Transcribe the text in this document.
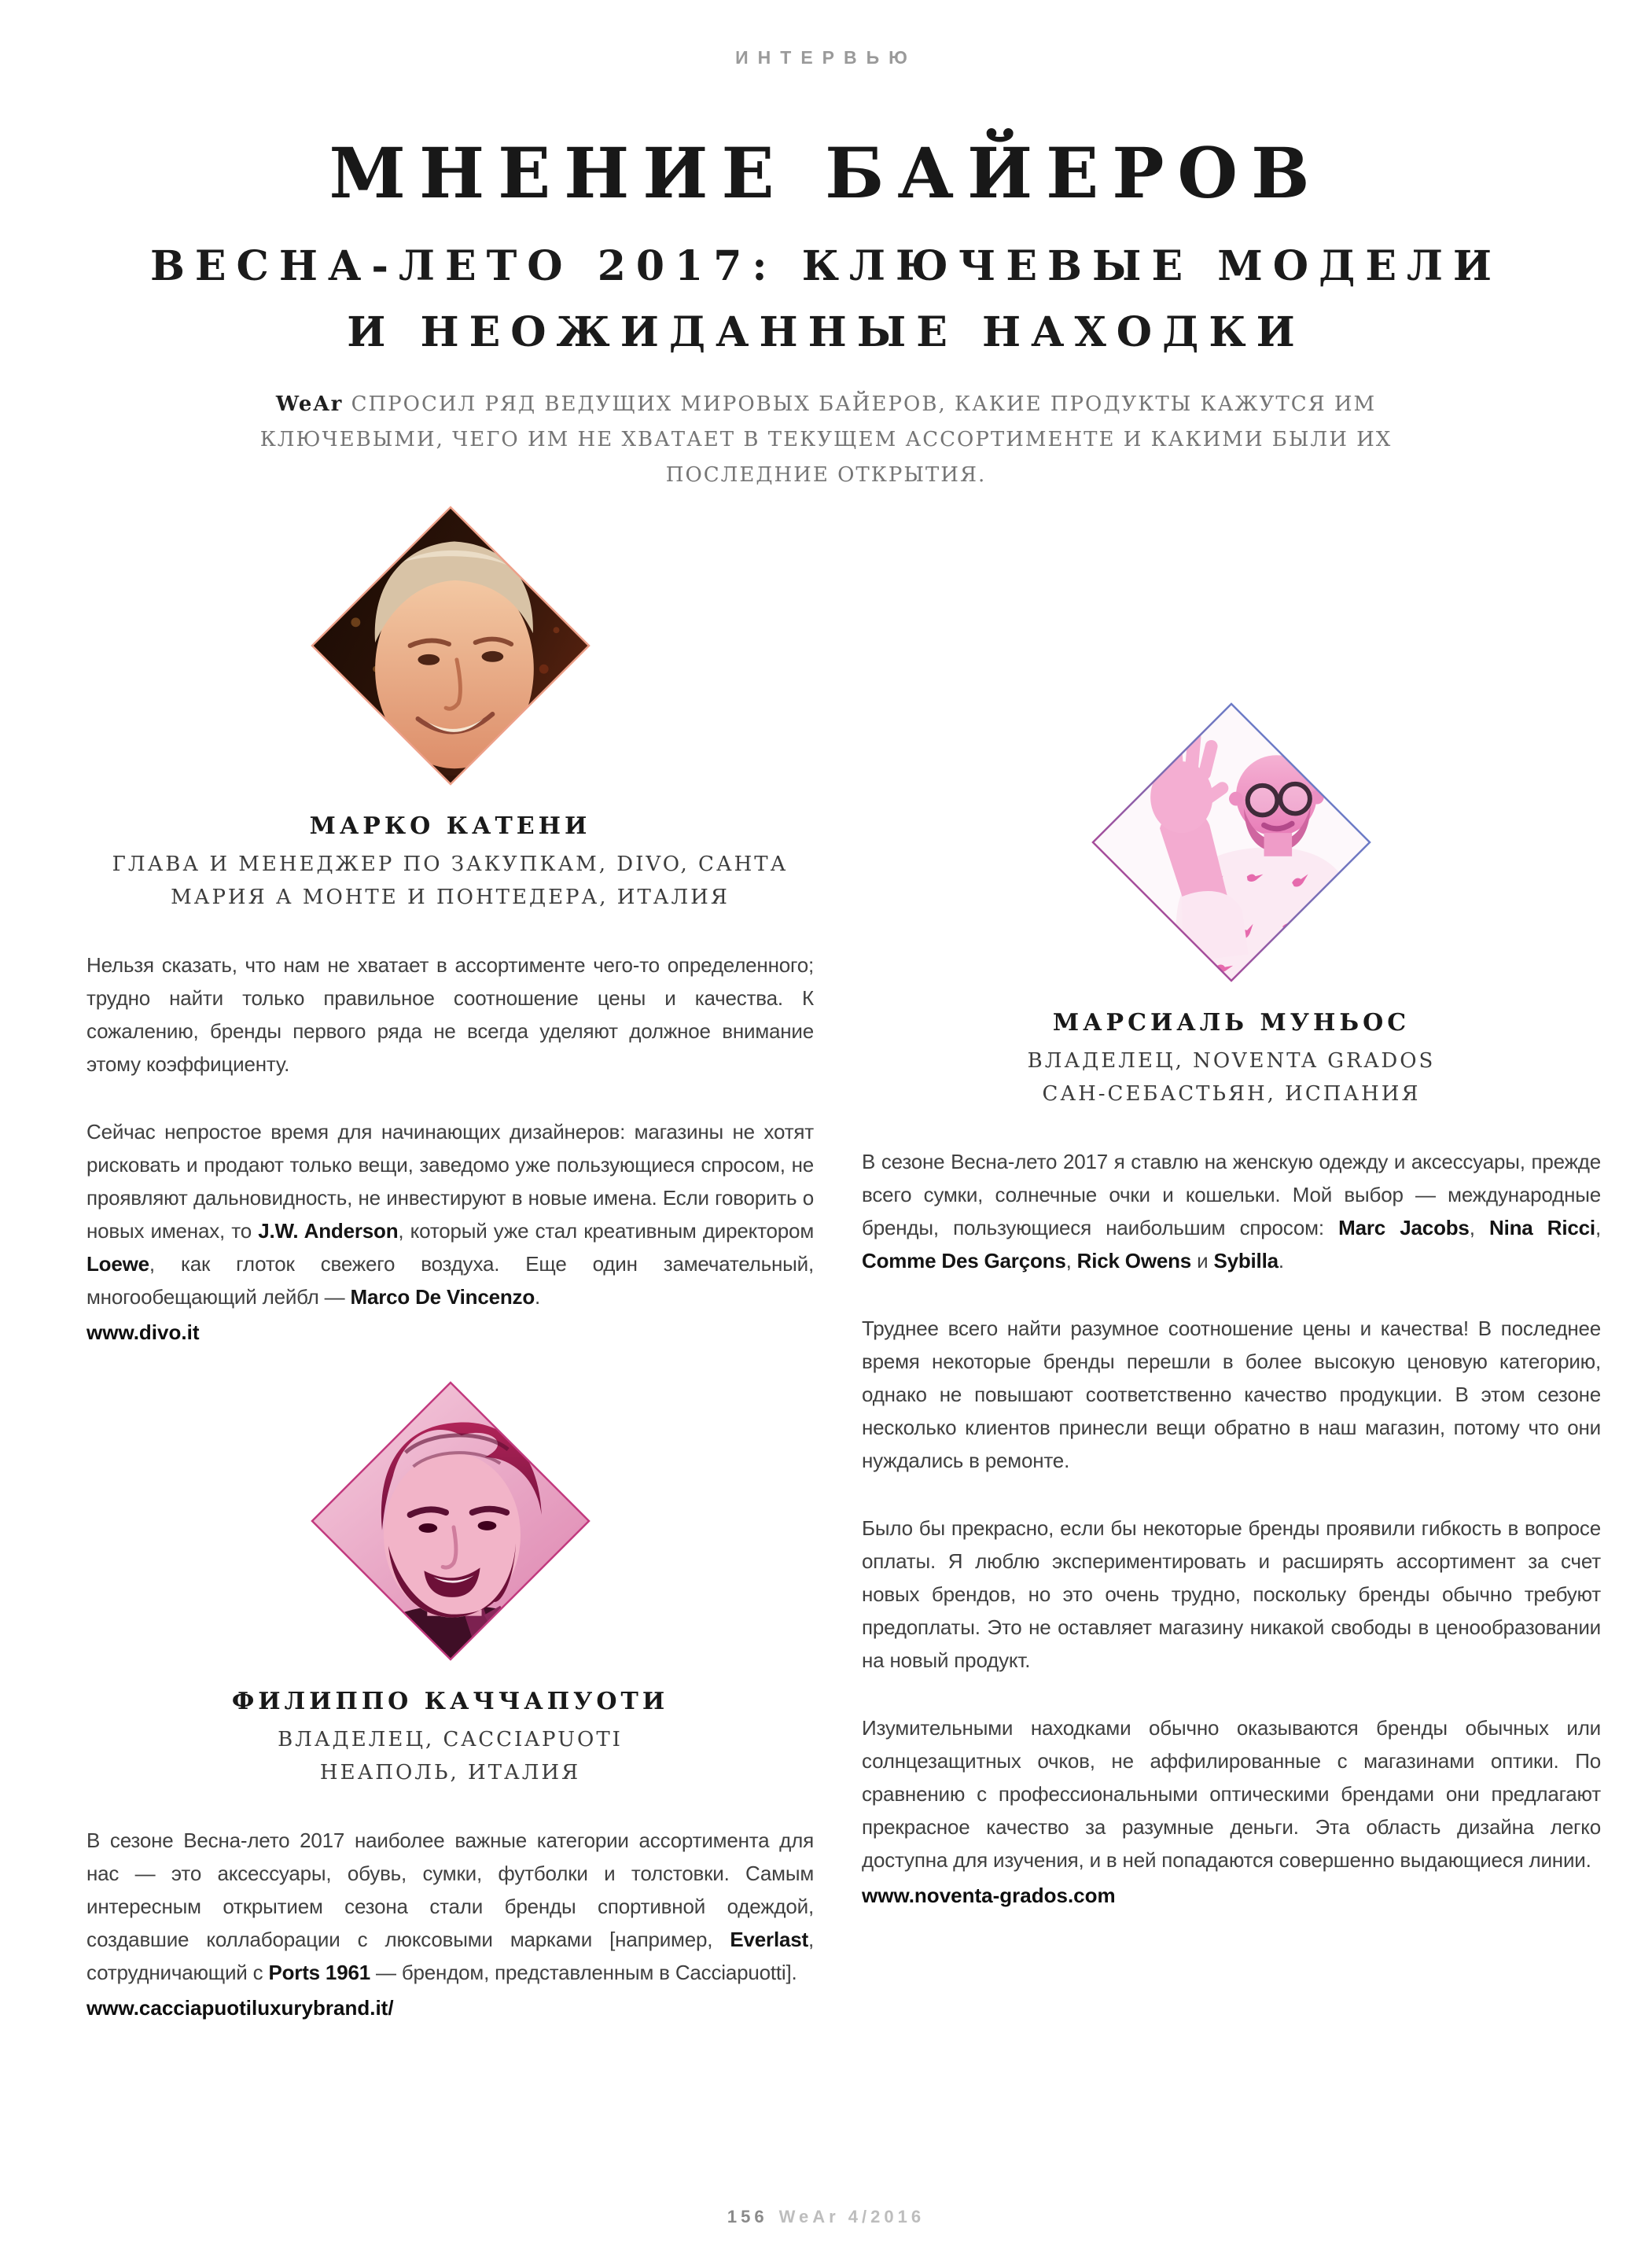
ИНТЕРВЬЮ
МНЕНИЕ БАЙЕРОВ
ВЕСНА-ЛЕТО 2017: КЛЮЧЕВЫЕ МОДЕЛИ
И НЕОЖИДАННЫЕ НАХОДКИ

WeAr СПРОСИЛ РЯД ВЕДУЩИХ МИРОВЫХ БАЙЕРОВ, КАКИЕ ПРОДУКТЫ КАЖУТСЯ ИМ КЛЮЧЕВЫМИ, ЧЕГО ИМ НЕ ХВАТАЕТ В ТЕКУЩЕМ АССОРТИМЕНТЕ И КАКИМИ БЫЛИ ИХ ПОСЛЕДНИЕ ОТКРЫТИЯ.

МАРКО КАТЕНИ
ГЛАВА И МЕНЕДЖЕР ПО ЗАКУПКАМ, DIVO, САНТА
МАРИЯ А МОНТЕ И ПОНТЕДЕРА, ИТАЛИЯ

Нельзя сказать, что нам не хватает в ассортименте чего-то определенного; трудно найти только правильное соотношение цены и качества. К сожалению, бренды первого ряда не всегда уделяют должное внимание этому коэффициенту.

Сейчас непростое время для начинающих дизайнеров: магазины не хотят рисковать и продают только вещи, заведомо уже пользующиеся спросом, не проявляют дальновидность, не инвестируют в новые имена. Если говорить о новых именах, то J.W. Anderson, который уже стал креативным директором Loewe, как глоток свежего воздуха. Еще один замечательный, многообещающий лейбл — Marco De Vincenzo.

www.divo.it
ФИЛИППО КАЧЧАПУОТИ
ВЛАДЕЛЕЦ, CACCIAPUOTI
НЕАПОЛЬ, ИТАЛИЯ

В сезоне Весна-лето 2017 наиболее важные категории ассортимента для нас — это аксессуары, обувь, сумки, футболки и толстовки. Самым интересным открытием сезона стали бренды спортивной одеждой, создавшие коллаборации с люксовыми марками [например, Everlast, сотрудничающий с Ports 1961 — брендом, представленным в Cacciapuotti].

www.cacciapuotiluxurybrand.it/
МАРСИАЛЬ МУНЬОС
ВЛАДЕЛЕЦ, NOVENTA GRADOS
САН-СЕБАСТЬЯН, ИСПАНИЯ

В сезоне Весна-лето 2017 я ставлю на женскую одежду и аксессуары, прежде всего сумки, солнечные очки и кошельки. Мой выбор — международные бренды, пользующиеся наибольшим спросом: Marc Jacobs, Nina Ricci, Comme Des Garçons, Rick Owens и Sybilla.

Труднее всего найти разумное соотношение цены и качества! В последнее время некоторые бренды перешли в более высокую ценовую категорию, однако не повышают соответственно качество продукции. В этом сезоне несколько клиентов принесли вещи обратно в наш магазин, потому что они нуждались в ремонте.

Было бы прекрасно, если бы некоторые бренды проявили гибкость в вопросе оплаты. Я люблю экспериментировать и расширять ассортимент за счет новых брендов, но это очень трудно, поскольку бренды обычно требуют предоплаты. Это не оставляет магазину никакой свободы в ценообразовании на новый продукт.

Изумительными находками обычно оказываются бренды обычных или солнцезащитных очков, не аффилированные с магазинами оптики. По сравнению с профессиональными оптическими брендами они предлагают прекрасное качество за разумные деньги. Эта область дизайна легко доступна для изучения, и в ней попадаются совершенно выдающиеся линии.

www.noventa-grados.com
156 WeAr 4/2016
